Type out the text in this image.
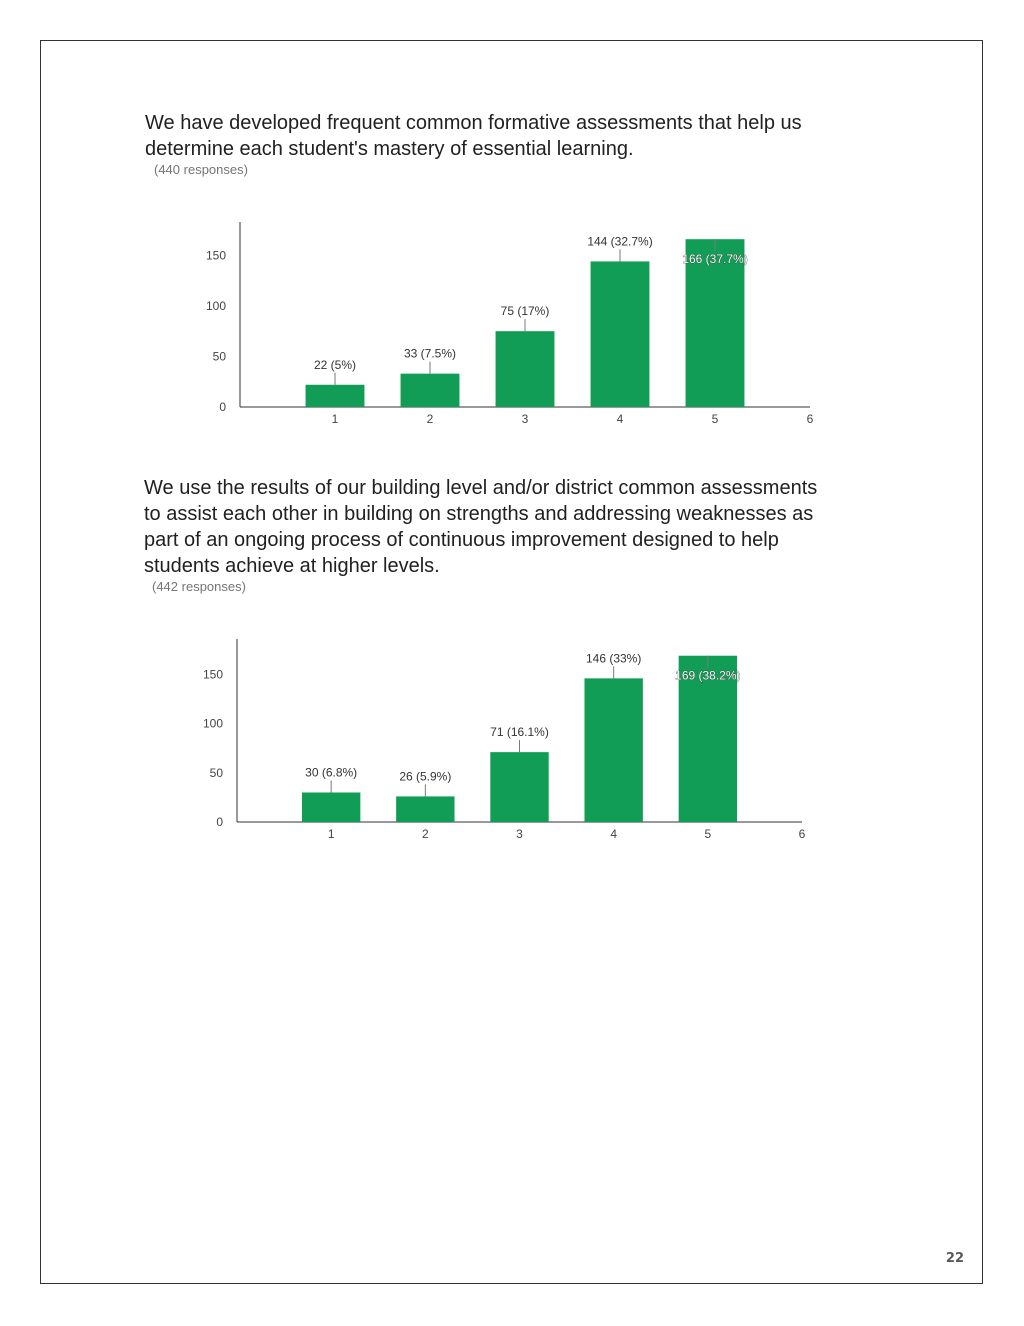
We have developed frequent common formative assessments that help us
determine each student's mastery of essential learning.
(440 responses)
0
50
100
150
1	2	3	4	5	6
22 (5%)
33 (7.5%)
75 (17%)
144 (32.7%)
166 (37.7%)
We use the results of our building level and/or district common assessments
to assist each other in building on strengths and addressing weaknesses as
part of an ongoing process of continuous improvement designed to help
students achieve at higher levels.
(442 responses)
0
50
100
150
1	2	3	4	5	6
30 (6.8%)	26 (5.9%)
71 (16.1%)
146 (33%)
169 (38.2%)
22
